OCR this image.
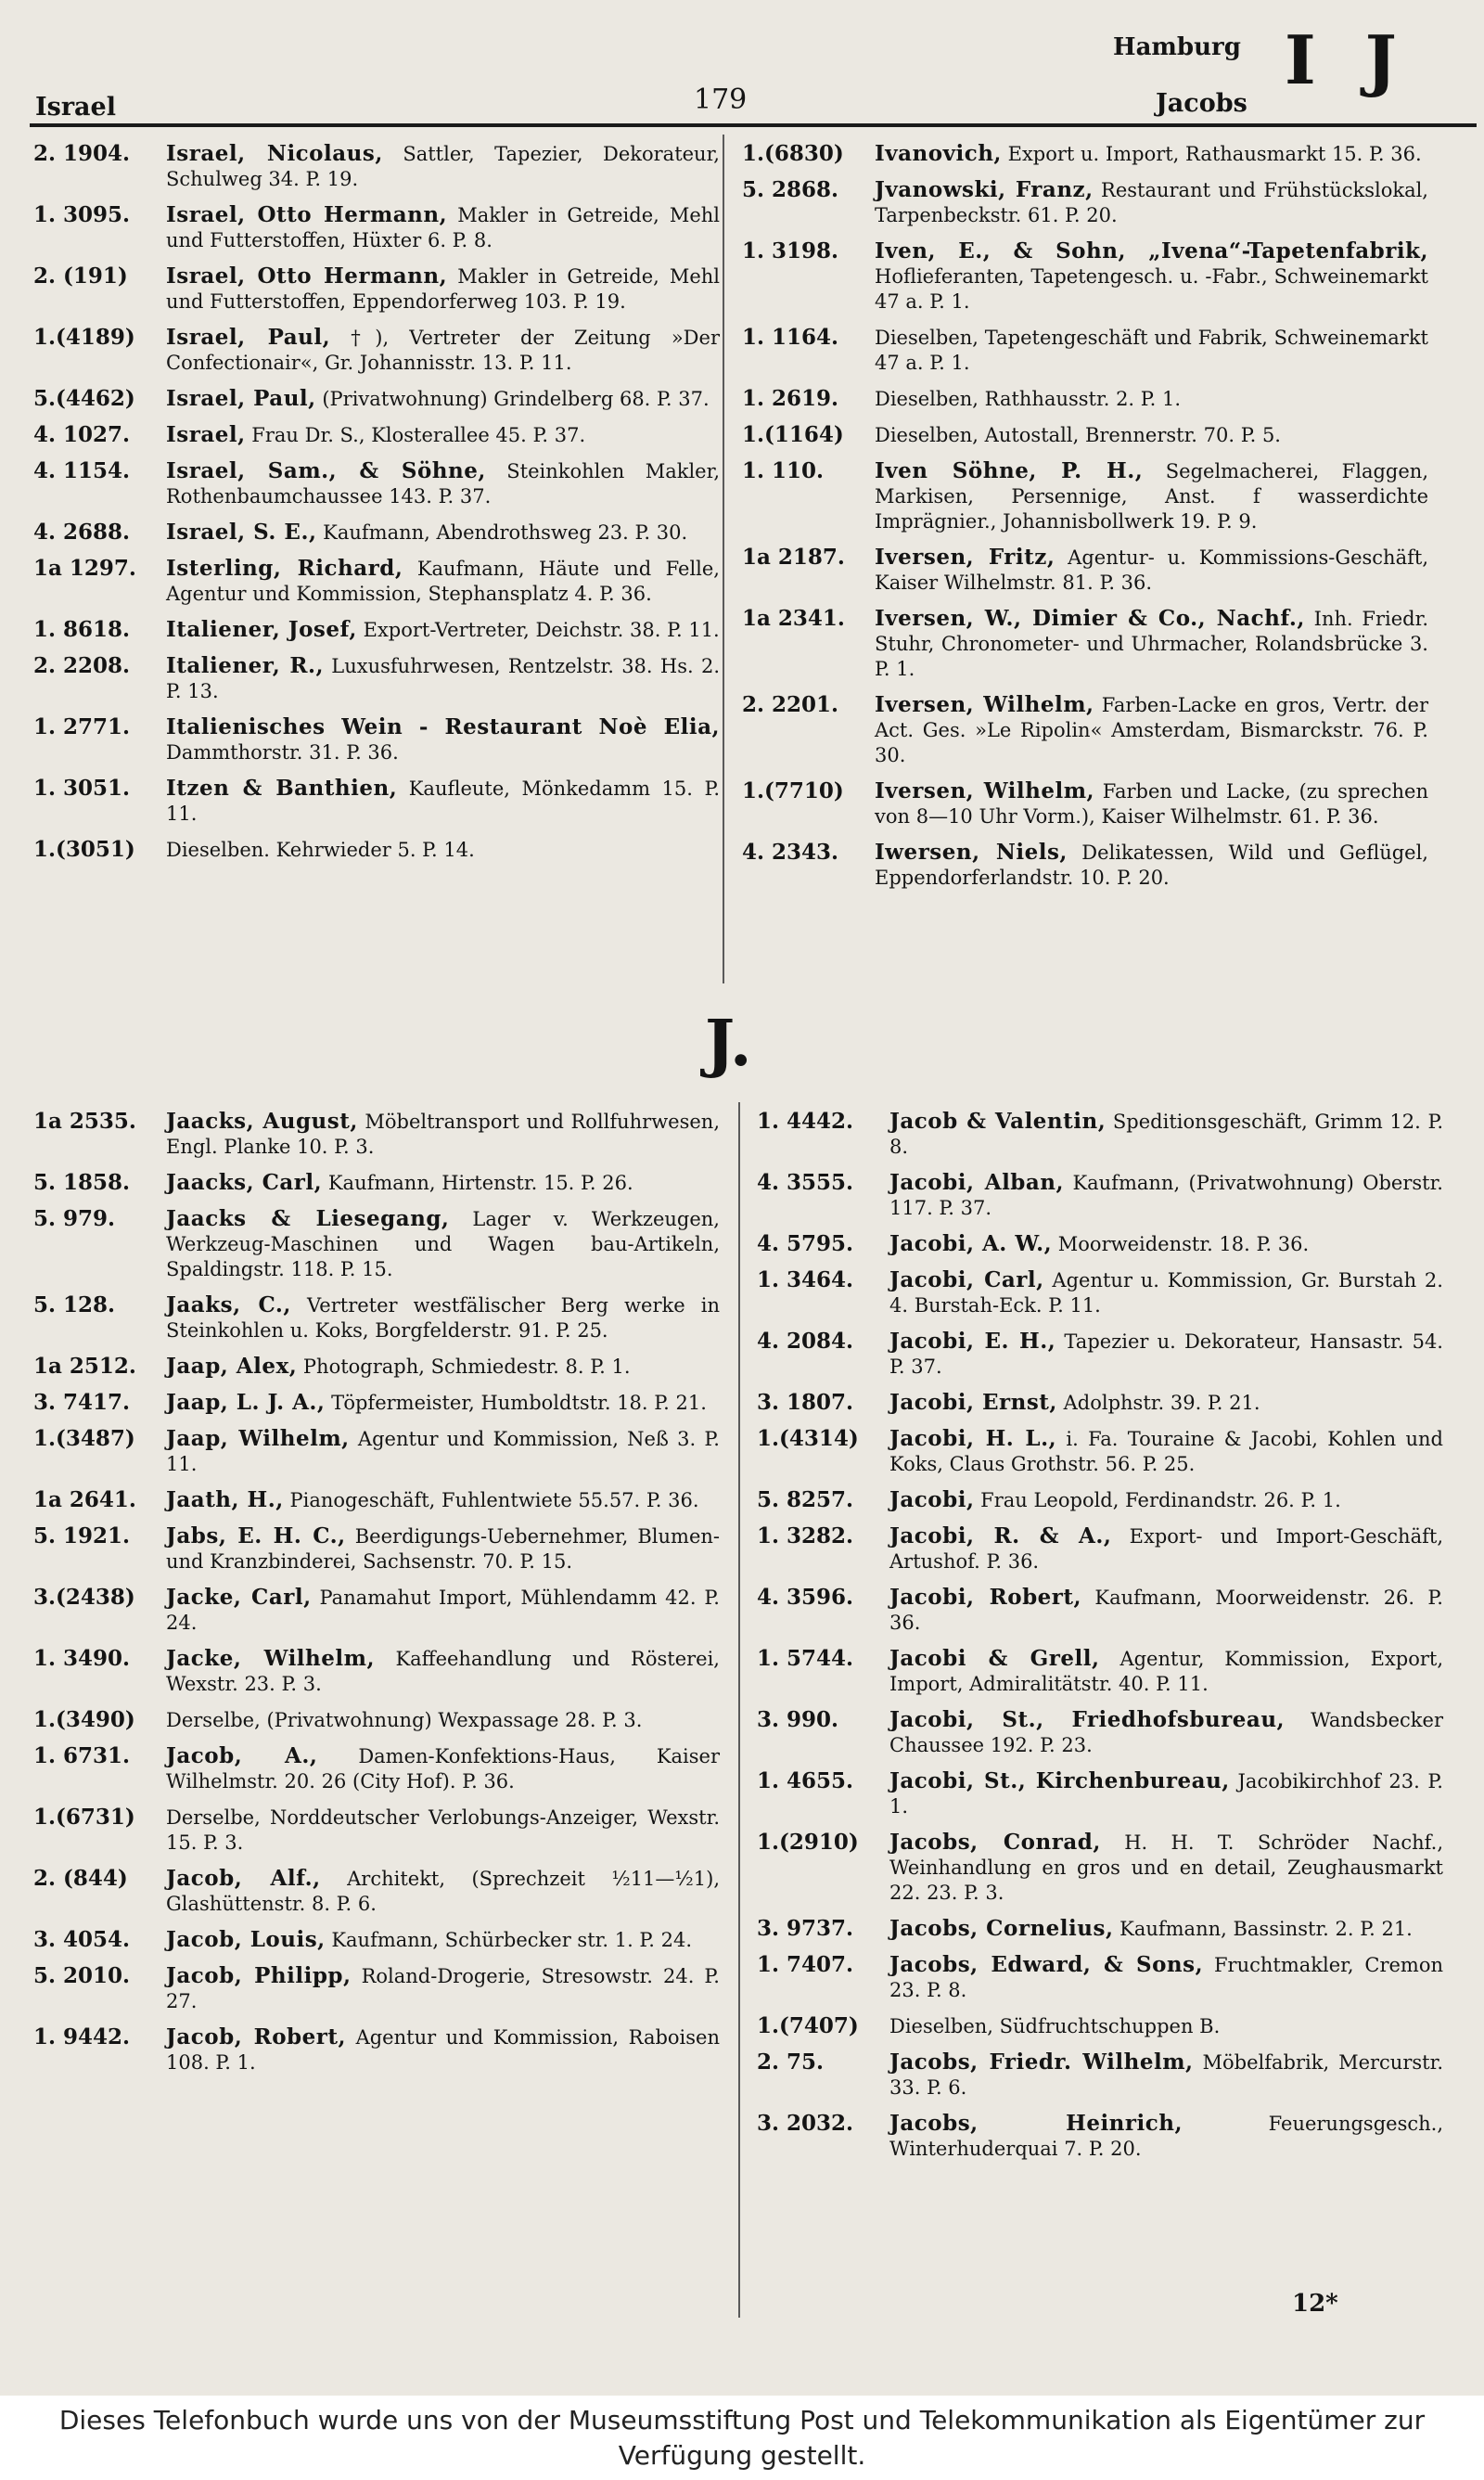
Israel	179
Hamburg
Jacobs
I J
2. 1904.	Israel, Nicolaus, Sattler, Tapezier, Dekorateur, Schulweg 34. P. 19.
1. 3095.	Israel, Otto Hermann, Makler in Getreide, Mehl und Futterstoffen, Hüxter 6. P. 8.
2. (191)	Israel, Otto Hermann, Makler in Getreide, Mehl und Futterstoffen, Eppendorferweg 103. P. 19.
1.(4189)	Israel, Paul, †), Vertreter der Zeitung »Der Confectionair«, Gr. Johannisstr. 13. P. 11.
5.(4462)	Israel, Paul, (Privatwohnung) Grindelberg 68. P. 37.
4. 1027.	Israel, Frau Dr. S., Klosterallee 45. P. 37.
4. 1154.	Israel, Sam., & Söhne, Steinkohlen Makler, Rothenbaumchaussee 143. P. 37.
4. 2688.	Israel, S. E., Kaufmann, Abendrothsweg 23. P. 30.
1a 1297.	Isterling, Richard, Kaufmann, Häute und Felle, Agentur und Kommission, Stephansplatz 4. P. 36.
1. 8618.	Italiener, Josef, Export-Vertreter, Deichstr. 38. P. 11.
2. 2208.	Italiener, R., Luxusfuhrwesen, Rentzelstr. 38. Hs. 2. P. 13.
1. 2771.	Italienisches Wein - Restaurant Noè Elia, Dammthorstr. 31. P. 36.
1. 3051.	Itzen & Banthien, Kaufleute, Mönkedamm 15. P. 11.
1.(3051)	Dieselben. Kehrwieder 5. P. 14.
1.(6830)	Ivanovich, Export u. Import, Rathausmarkt 15. P. 36.
5. 2868.	Jvanowski, Franz, Restaurant und Frühstückslokal, Tarpenbeckstr. 61. P. 20.
1. 3198.	Iven, E., & Sohn, „Ivena“-Tapetenfabrik, Hoflieferanten, Tapetengesch. u. -Fabr., Schweinemarkt 47 a. P. 1.
1. 1164.	Dieselben, Tapetengeschäft und Fabrik, Schweinemarkt 47 a. P. 1.
1. 2619.	Dieselben, Rathhausstr. 2. P. 1.
1.(1164)	Dieselben, Autostall, Brennerstr. 70. P. 5.
1. 110.	Iven Söhne, P. H., Segelmacherei, Flaggen, Markisen, Persennige, Anst. f wasserdichte Imprägnier., Johannisbollwerk 19. P. 9.
1a 2187.	Iversen, Fritz, Agentur- u. Kommissions-Geschäft, Kaiser Wilhelmstr. 81. P. 36.
1a 2341.	Iversen, W., Dimier & Co., Nachf., Inh. Friedr. Stuhr, Chronometer- und Uhrmacher, Rolandsbrücke 3. P. 1.
2. 2201.	Iversen, Wilhelm, Farben-Lacke en gros, Vertr. der Act. Ges. »Le Ripolin« Amsterdam, Bismarckstr. 76. P. 30.
1.(7710)	Iversen, Wilhelm, Farben und Lacke, (zu sprechen von 8—10 Uhr Vorm.), Kaiser Wilhelmstr. 61. P. 36.
4. 2343.	Iwersen, Niels, Delikatessen, Wild und Geflügel, Eppendorferlandstr. 10. P. 20.
J.
1a 2535.	Jaacks, August, Möbeltransport und Rollfuhrwesen, Engl. Planke 10. P. 3.
5. 1858.	Jaacks, Carl, Kaufmann, Hirtenstr. 15. P. 26.
5. 979.	Jaacks & Liesegang, Lager v. Werkzeugen, Werkzeug-Maschinen und Wagen bau-Artikeln, Spaldingstr. 118. P. 15.
5. 128.	Jaaks, C., Vertreter westfälischer Berg werke in Steinkohlen u. Koks, Borgfelderstr. 91. P. 25.
1a 2512.	Jaap, Alex, Photograph, Schmiedestr. 8. P. 1.
3. 7417.	Jaap, L. J. A., Töpfermeister, Humboldtstr. 18. P. 21.
1.(3487)	Jaap, Wilhelm, Agentur und Kommission, Neß 3. P. 11.
1a 2641.	Jaath, H., Pianogeschäft, Fuhlentwiete 55.57. P. 36.
5. 1921.	Jabs, E. H. C., Beerdigungs-Uebernehmer, Blumen- und Kranzbinderei, Sachsenstr. 70. P. 15.
3.(2438)	Jacke, Carl, Panamahut Import, Mühlendamm 42. P. 24.
1. 3490.	Jacke, Wilhelm, Kaffeehandlung und Rösterei, Wexstr. 23. P. 3.
1.(3490)	Derselbe, (Privatwohnung) Wexpassage 28. P. 3.
1. 6731.	Jacob, A., Damen-Konfektions-Haus, Kaiser Wilhelmstr. 20. 26 (City Hof). P. 36.
1.(6731)	Derselbe, Norddeutscher Verlobungs-Anzeiger, Wexstr. 15. P. 3.
2. (844)	Jacob, Alf., Architekt, (Sprechzeit ½11—½1), Glashüttenstr. 8. P. 6.
3. 4054.	Jacob, Louis, Kaufmann, Schürbecker str. 1. P. 24.
5. 2010.	Jacob, Philipp, Roland-Drogerie, Stresowstr. 24. P. 27.
1. 9442.	Jacob, Robert, Agentur und Kommission, Raboisen 108. P. 1.
1. 4442.	Jacob & Valentin, Speditionsgeschäft, Grimm 12. P. 8.
4. 3555.	Jacobi, Alban, Kaufmann, (Privatwohnung) Oberstr. 117. P. 37.
4. 5795.	Jacobi, A. W., Moorweidenstr. 18. P. 36.
1. 3464.	Jacobi, Carl, Agentur u. Kommission, Gr. Burstah 2. 4. Burstah-Eck. P. 11.
4. 2084.	Jacobi, E. H., Tapezier u. Dekorateur, Hansastr. 54. P. 37.
3. 1807.	Jacobi, Ernst, Adolphstr. 39. P. 21.
1.(4314)	Jacobi, H. L., i. Fa. Touraine & Jacobi, Kohlen und Koks, Claus Grothstr. 56. P. 25.
5. 8257.	Jacobi, Frau Leopold, Ferdinandstr. 26. P. 1.
1. 3282.	Jacobi, R. & A., Export- und Import-Geschäft, Artushof. P. 36.
4. 3596.	Jacobi, Robert, Kaufmann, Moorweidenstr. 26. P. 36.
1. 5744.	Jacobi & Grell, Agentur, Kommission, Export, Import, Admiralitätstr. 40. P. 11.
3. 990.	Jacobi, St., Friedhofsbureau, Wandsbecker Chaussee 192. P. 23.
1. 4655.	Jacobi, St., Kirchenbureau, Jacobikirchhof 23. P. 1.
1.(2910)	Jacobs, Conrad, H. H. T. Schröder Nachf., Weinhandlung en gros und en detail, Zeughausmarkt 22. 23. P. 3.
3. 9737.	Jacobs, Cornelius, Kaufmann, Bassinstr. 2. P. 21.
1. 7407.	Jacobs, Edward, & Sons, Fruchtmakler, Cremon 23. P. 8.
1.(7407)	Dieselben, Südfruchtschuppen B.
2. 75.	Jacobs, Friedr. Wilhelm, Möbelfabrik, Mercurstr. 33. P. 6.
3. 2032.	Jacobs, Heinrich,	Feuerungsgesch., Winterhuderquai 7. P. 20.
12*
Dieses Telefonbuch wurde uns von der Museumsstiftung Post und Telekommunikation als Eigentümer zur Verfügung gestellt.
